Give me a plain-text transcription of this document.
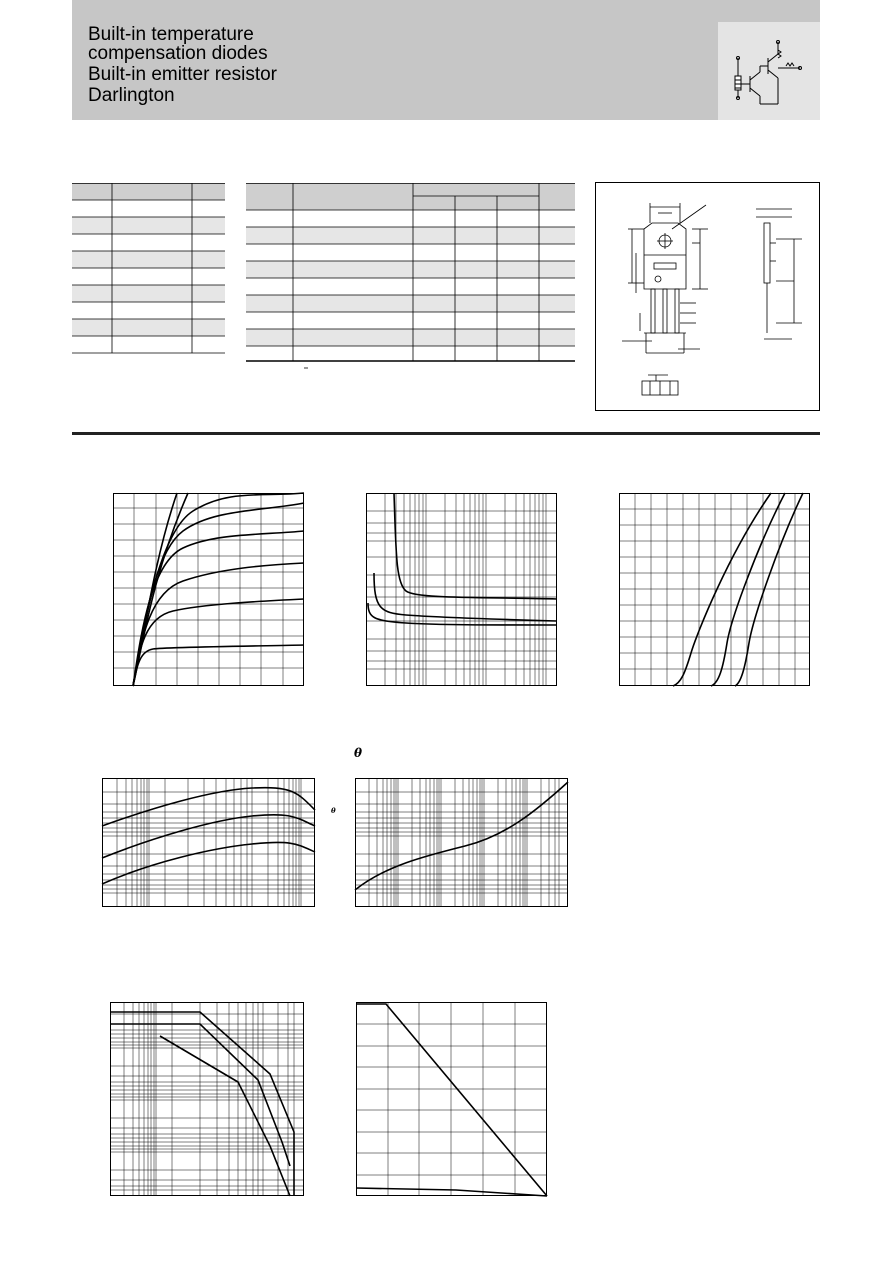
Built-in temperature
compensation diodes
Built-in emitter resistor
Darlington
θ
θ
